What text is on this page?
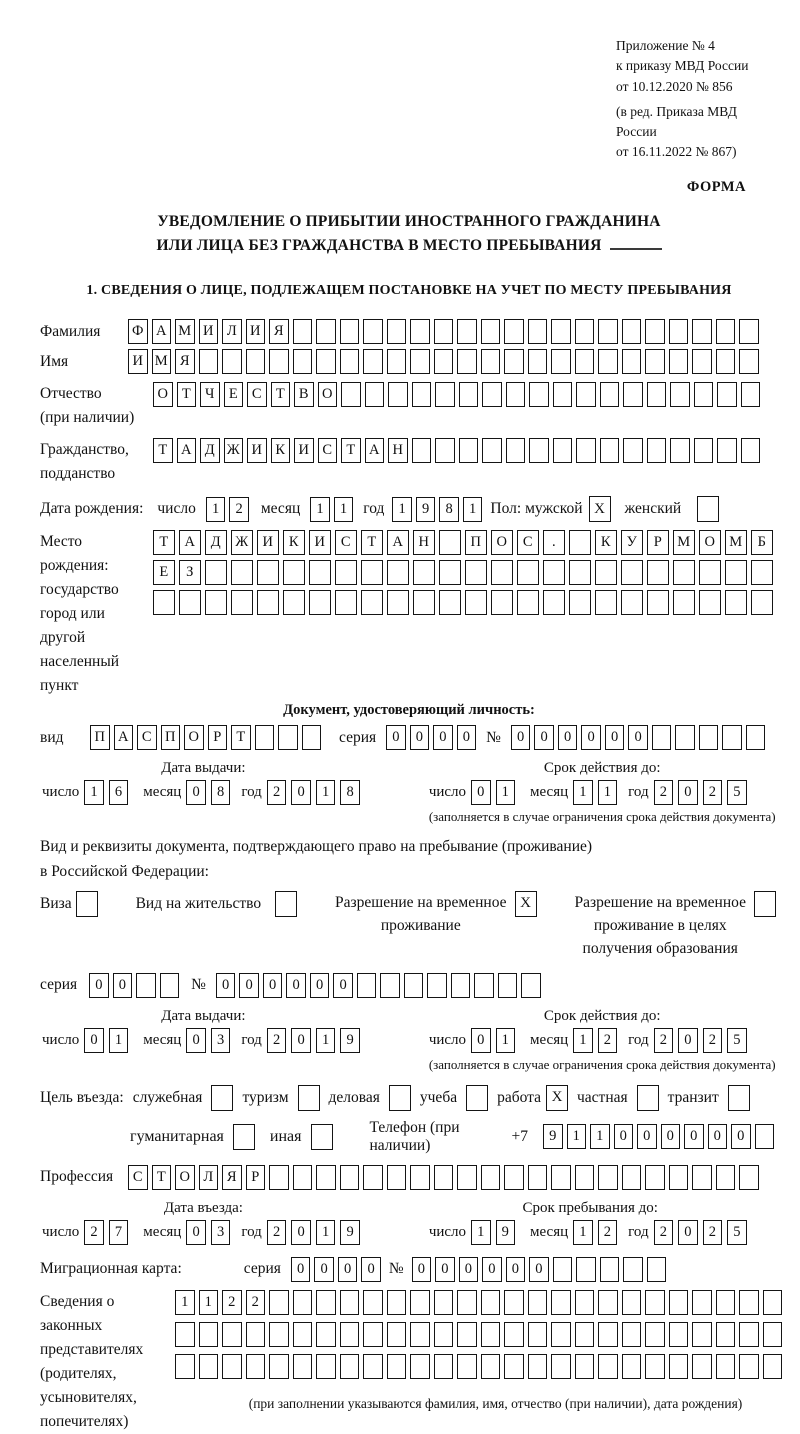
Приложение № 4
к приказу МВД России
от 10.12.2020 № 856
(в ред. Приказа МВД России
от 16.11.2022 № 867)
ФОРМА
УВЕДОМЛЕНИЕ О ПРИБЫТИИ ИНОСТРАННОГО ГРАЖДАНИНА
ИЛИ ЛИЦА БЕЗ ГРАЖДАНСТВА В МЕСТО ПРЕБЫВАНИЯ
1. СВЕДЕНИЯ О ЛИЦЕ, ПОДЛЕЖАЩЕМ ПОСТАНОВКЕ НА УЧЕТ ПО МЕСТУ ПРЕБЫВАНИЯ
Фамилия	Ф А М И Л И Я
Имя	И М Я
Отчество
(при наличии)
О Т Ч Е С Т В О
Гражданство,
подданство
Т А Д Ж И К И С Т А Н
Дата рождения: число	1	2	месяц	1	1	год 1	9	8	1 Пол: мужской X	женский
Место рождения:
государство
город или другой
населенный пункт
Т	А	Д	Ж И	К	И	С	Т	А	Н	П	О	С	.	К	У	Р	М О М	Б
Е	З
Документ, удостоверяющий личность:
вид	П А С П О Р	Т	серия	0	0	0	0	№	0	0	0	0	0	0
Дата выдачи:
число 1	6	месяц 0	8	год 2	0	1	8
Срок действия до:
число 0	1	месяц 1	1	год 2	0	2	5
(заполняется в случае ограничения срока действия документа)
Вид и реквизиты документа, подтверждающего право на пребывание (проживание)
в Российской Федерации:
Виза	Вид на жительство	Разрешение на временное
проживание
X	Разрешение на временное
проживание в целях
получения образования
серия	0	0	№	0	0	0	0	0	0
Дата выдачи:
число 0	1	месяц 0	3	год 2	0	1	9
Срок действия до:
число 0	1	месяц 1	2	год 2	0	2	5
(заполняется в случае ограничения срока действия документа)
Цель въезда: служебная	туризм	деловая	учеба	работа X частная	транзит
гуманитарная	иная
Телефон (при наличии)
+7	9	1	1	0	0	0	0	0	0
Профессия	С Т О Л Я	Р
Дата въезда:
число 2	7	месяц 0	3	год 2	0	1	9
Срок пребывания до:
число 1	9	месяц 1	2	год 2	0	2	5
Миграционная карта:	серия	0	0	0	0 № 0	0	0	0	0	0
Сведения о
законных
представителях
(родителях,
усыновителях,
попечителях)
1	1	2	2
(при заполнении указываются фамилия, имя, отчество (при наличии), дата рождения)
